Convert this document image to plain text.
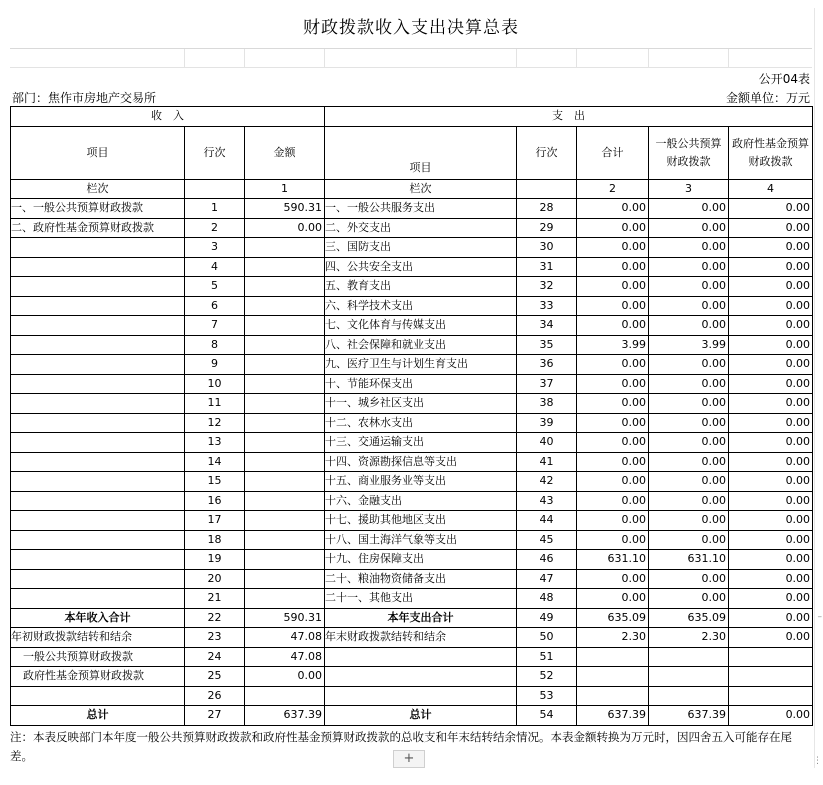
财政拨款收入支出决算总表
公开04表
部门：焦作市房地产交易所	金额单位：万元
收　入			支　出				
项目	行次	金额	项目	行次	合计	一般公共预算财政拨款	政府性基金预算财政拨款
栏次		1	栏次		2	3	4
一、一般公共预算财政拨款	1	590.31	一、一般公共服务支出	28	0.00	0.00	0.00
二、政府性基金预算财政拨款	2	0.00	二、外交支出	29	0.00	0.00	0.00
	3		三、国防支出	30	0.00	0.00	0.00
	4		四、公共安全支出	31	0.00	0.00	0.00
	5		五、教育支出	32	0.00	0.00	0.00
	6		六、科学技术支出	33	0.00	0.00	0.00
	7		七、文化体育与传媒支出	34	0.00	0.00	0.00
	8		八、社会保障和就业支出	35	3.99	3.99	0.00
	9		九、医疗卫生与计划生育支出	36	0.00	0.00	0.00
	10		十、节能环保支出	37	0.00	0.00	0.00
	11		十一、城乡社区支出	38	0.00	0.00	0.00
	12		十二、农林水支出	39	0.00	0.00	0.00
	13		十三、交通运输支出	40	0.00	0.00	0.00
	14		十四、资源勘探信息等支出	41	0.00	0.00	0.00
	15		十五、商业服务业等支出	42	0.00	0.00	0.00
	16		十六、金融支出	43	0.00	0.00	0.00
	17		十七、援助其他地区支出	44	0.00	0.00	0.00
	18		十八、国土海洋气象等支出	45	0.00	0.00	0.00
	19		十九、住房保障支出	46	631.10	631.10	0.00
	20		二十、粮油物资储备支出	47	0.00	0.00	0.00
	21		二十一、其他支出	48	0.00	0.00	0.00
本年收入合计	22	590.31	本年支出合计	49	635.09	635.09	0.00
年初财政拨款结转和结余	23	47.08	年末财政拨款结转和结余	50	2.30	2.30	0.00
一般公共预算财政拨款	24	47.08		51			
政府性基金预算财政拨款	25	0.00		52			
	26			53			
总计	27	637.39	总计	54	637.39	637.39	0.00
注：本表反映部门本年度一般公共预算财政拨款和政府性基金预算财政拨款的总收支和年末结转结余情况。本表金额转换为万元时，因四舍五入可能存在尾差。	+
–
⋮
